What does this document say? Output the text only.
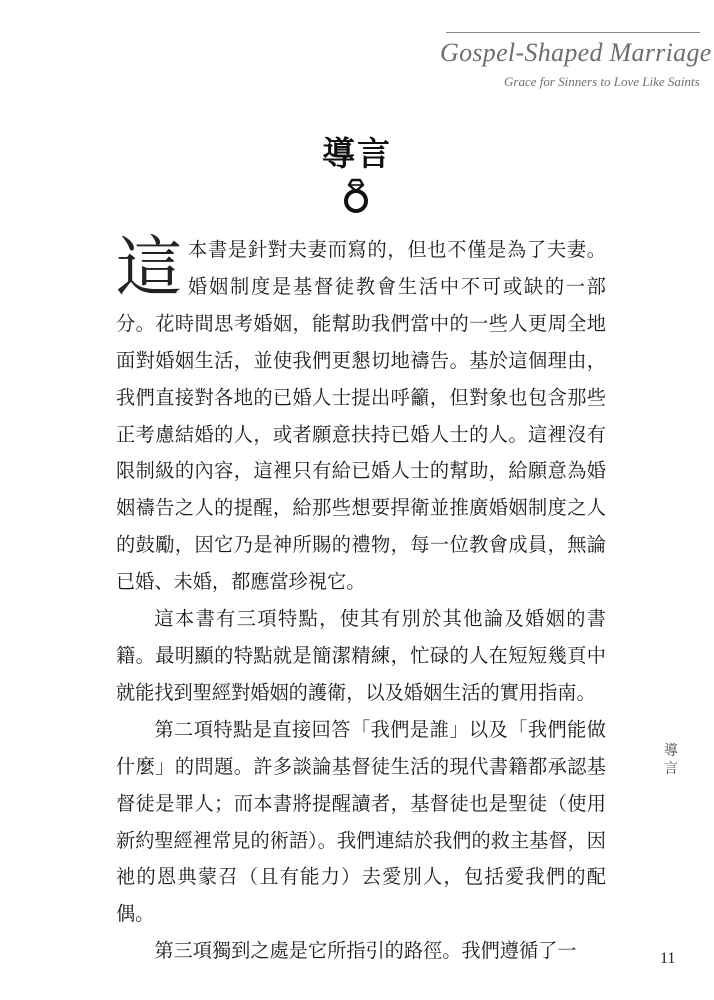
Gospel-Shaped Marriage
Grace for Sinners to Love Like Saints
導言

這本書是針對夫妻而寫的，但也不僅是為了夫妻。婚姻制度是基督徒教會生活中不可或缺的一部分。花時間思考婚姻，能幫助我們當中的一些人更周全地面對婚姻生活，並使我們更懇切地禱告。基於這個理由，我們直接對各地的已婚人士提出呼籲，但對象也包含那些正考慮結婚的人，或者願意扶持已婚人士的人。這裡沒有限制級的內容，這裡只有給已婚人士的幫助，給願意為婚姻禱告之人的提醒，給那些想要捍衛並推廣婚姻制度之人的鼓勵，因它乃是神所賜的禮物，每一位教會成員，無論已婚、未婚，都應當珍視它。

這本書有三項特點，使其有別於其他論及婚姻的書籍。最明顯的特點就是簡潔精練，忙碌的人在短短幾頁中就能找到聖經對婚姻的護衛，以及婚姻生活的實用指南。

第二項特點是直接回答「我們是誰」以及「我們能做什麼」的問題。許多談論基督徒生活的現代書籍都承認基督徒是罪人；而本書將提醒讀者，基督徒也是聖徒（使用新約聖經裡常見的術語）。我們連結於我們的救主基督，因祂的恩典蒙召（且有能力）去愛別人，包括愛我們的配偶。

第三項獨到之處是它所指引的路徑。我們遵循了一

導言
11
